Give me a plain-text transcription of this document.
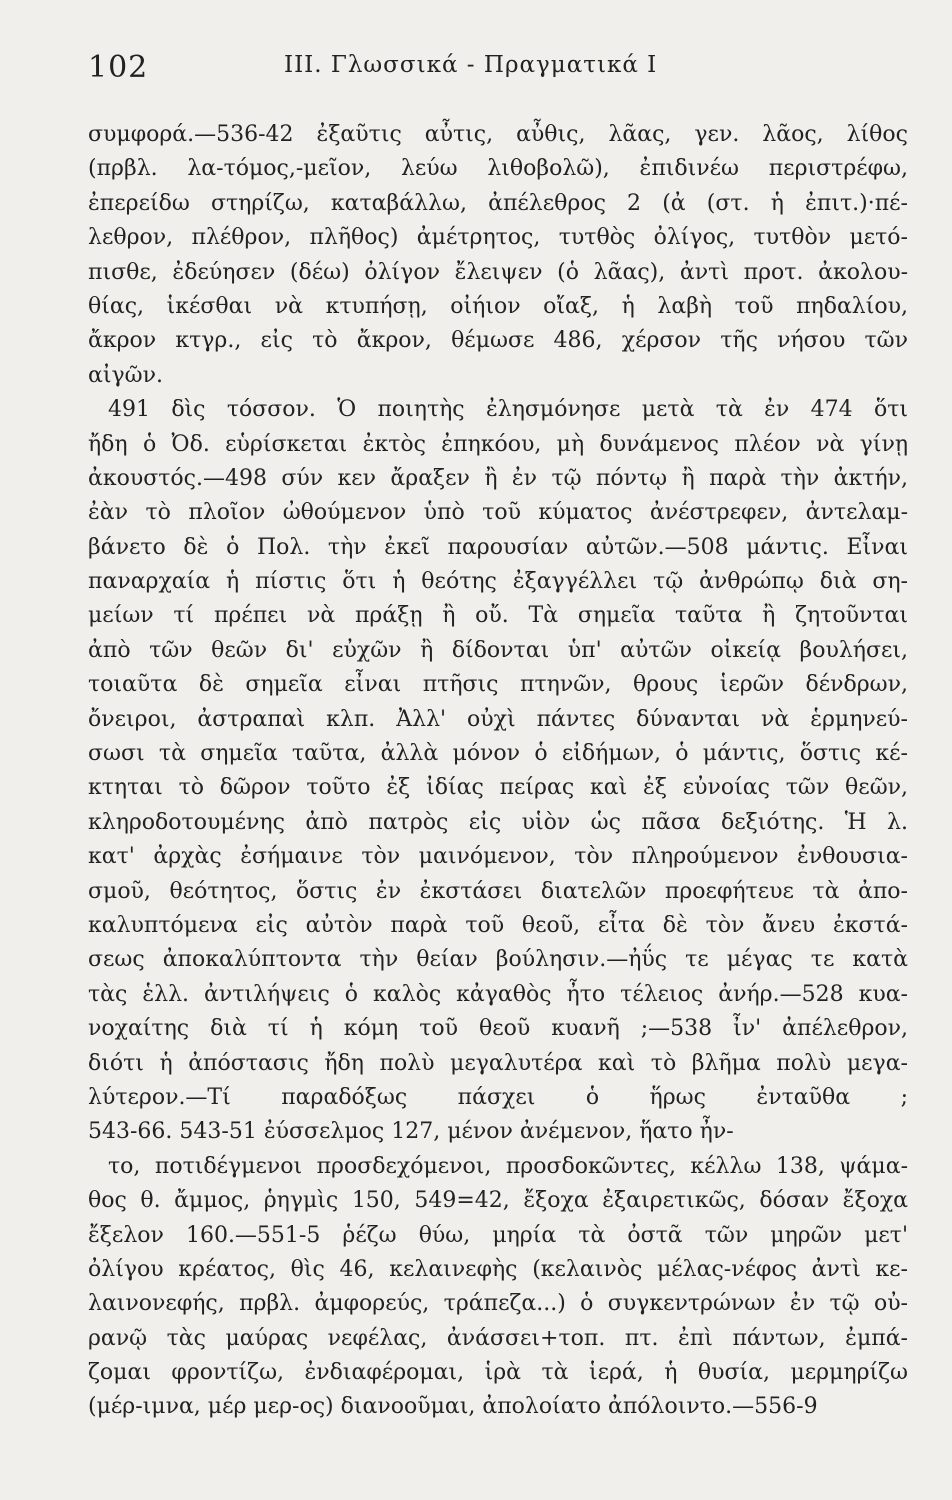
102	III. Γλωσσικά - Πραγματικά Ι
συμφορά.—536-42 ἐξαῦτις αὖτις, αὖθις, λᾶας, γεν. λᾶος, λίθος
(πρβλ. λα-τόμος,-μεῖον, λεύω λιθοβολῶ), ἐπιδινέω περιστρέφω,
ἐπερείδω στηρίζω, καταβάλλω, ἀπέλεθρος 2 (ἀ (στ. ἡ ἐπιτ.)·πέ-
λεθρον, πλέθρον, πλῆθος) ἀμέτρητος, τυτθὸς ὀλίγος, τυτθὸν μετό-
πισθε, ἐδεύησεν (δέω) ὀλίγον ἔλειψεν (ὁ λᾶας), ἀντὶ προτ. ἀκολου-
θίας, ἱκέσθαι νὰ κτυπήσῃ, οἰήιον οἴαξ, ἡ λαβὴ τοῦ πηδαλίου,
ἄκρον κτγρ., εἰς τὸ ἄκρον, θέμωσε 486, χέρσον τῆς νήσου τῶν
αἰγῶν.
491 δὶς τόσσον. Ὁ ποιητὴς ἐλησμόνησε μετὰ τὰ ἐν 474 ὅτι
ἤδη ὁ Ὀδ. εὑρίσκεται ἐκτὸς ἐπηκόου, μὴ δυνάμενος πλέον νὰ γίνῃ
ἀκουστός.—498 σύν κεν ἄραξεν ἢ ἐν τῷ πόντῳ ἢ παρὰ τὴν ἀκτήν,
ἐὰν τὸ πλοῖον ὠθούμενον ὑπὸ τοῦ κύματος ἀνέστρεφεν, ἀντελαμ-
βάνετο δὲ ὁ Πολ. τὴν ἐκεῖ παρουσίαν αὐτῶν.—508 μάντις. Εἶναι
παναρχαία ἡ πίστις ὅτι ἡ θεότης ἐξαγγέλλει τῷ ἀνθρώπῳ διὰ ση-
μείων τί πρέπει νὰ πράξῃ ἢ οὔ. Τὰ σημεῖα ταῦτα ἢ ζητοῦνται
ἀπὸ τῶν θεῶν δι' εὐχῶν ἢ δίδονται ὑπ' αὐτῶν οἰκείᾳ βουλήσει,
τοιαῦτα δὲ σημεῖα εἶναι πτῆσις πτηνῶν, θρους ἱερῶν δένδρων,
ὄνειροι, ἀστραπαὶ κλπ. Ἀλλ' οὐχὶ πάντες δύνανται νὰ ἑρμηνεύ-
σωσι τὰ σημεῖα ταῦτα, ἀλλὰ μόνον ὁ εἰδήμων, ὁ μάντις, ὅστις κέ-
κτηται τὸ δῶρον τοῦτο ἐξ ἰδίας πείρας καὶ ἐξ εὐνοίας τῶν θεῶν,
κληροδοτουμένης ἀπὸ πατρὸς εἰς υἱὸν ὡς πᾶσα δεξιότης. Ἡ λ.
κατ' ἀρχὰς ἐσήμαινε τὸν μαινόμενον, τὸν πληρούμενον ἐνθουσια-
σμοῦ, θεότητος, ὅστις ἐν ἐκστάσει διατελῶν προεφήτευε τὰ ἀπο-
καλυπτόμενα εἰς αὐτὸν παρὰ τοῦ θεοῦ, εἶτα δὲ τὸν ἄνευ ἐκστά-
σεως ἀποκαλύπτοντα τὴν θείαν βούλησιν.—ἠΰς τε μέγας τε κατὰ
τὰς ἑλλ. ἀντιλήψεις ὁ καλὸς κἀγαθὸς ἦτο τέλειος ἀνήρ.—528 κυα-
νοχαίτης διὰ τί ἡ κόμη τοῦ θεοῦ κυανῆ ;—538 ἶν' ἀπέλεθρον,
διότι ἡ ἀπόστασις ἤδη πολὺ μεγαλυτέρα καὶ τὸ βλῆμα πολὺ μεγα-
λύτερον.—Τί παραδόξως πάσχει ὁ ἥρως ἐνταῦθα ;
543-66. 543-51 ἐύσσελμος 127, μένον ἀνέμενον, ἥατο ἦν-
το, ποτιδέγμενοι προσδεχόμενοι, προσδοκῶντες, κέλλω 138, ψάμα-
θος θ. ἄμμος, ῥηγμὶς 150, 549=42, ἔξοχα ἐξαιρετικῶς, δόσαν ἔξοχα
ἔξελον 160.—551-5 ῥέζω θύω, μηρία τὰ ὀστᾶ τῶν μηρῶν μετ'
ὀλίγου κρέατος, θὶς 46, κελαινεφὴς (κελαινὸς μέλας-νέφος ἀντὶ κε-
λαινονεφής, πρβλ. ἀμφορεύς, τράπεζα...) ὁ συγκεντρώνων ἐν τῷ οὐ-
ρανῷ τὰς μαύρας νεφέλας, ἀνάσσει+τοπ. πτ. ἐπὶ πάντων, ἐμπά-
ζομαι φροντίζω, ἐνδιαφέρομαι, ἱρὰ τὰ ἱερά, ἡ θυσία, μερμηρίζω
(μέρ-ιμνα, μέρ μερ-ος) διανοοῦμαι, ἀπολοίατο ἀπόλοιντο.—556-9
